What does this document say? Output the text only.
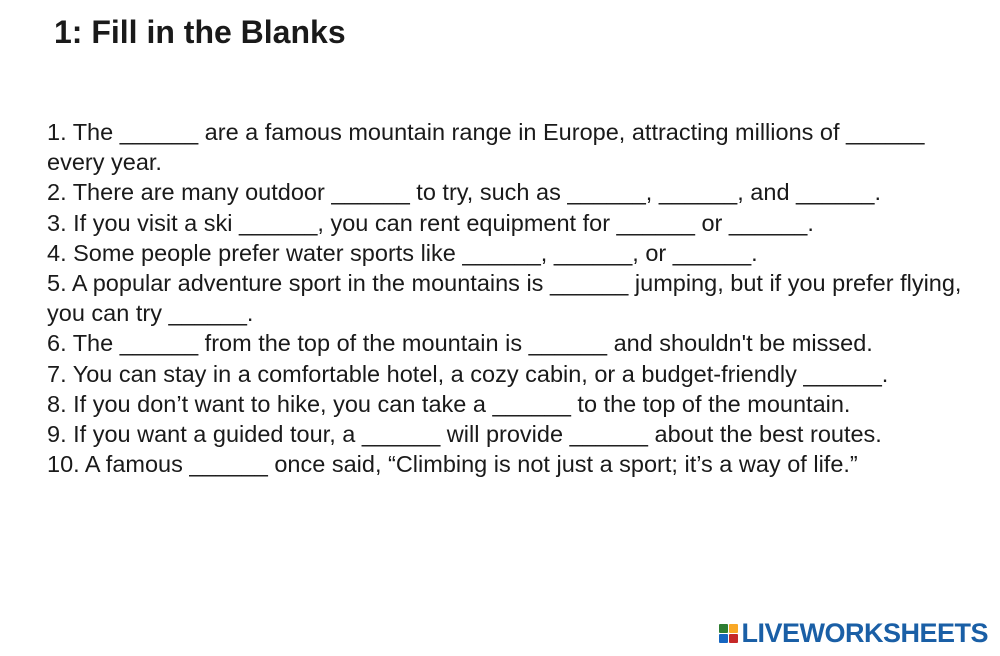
1: Fill in the Blanks
1. The ______ are a famous mountain range in Europe, attracting millions of ______ every year.
2. There are many outdoor ______ to try, such as ______, ______, and ______.
3. If you visit a ski ______, you can rent equipment for ______ or ______.
4. Some people prefer water sports like ______, ______, or ______.
5. A popular adventure sport in the mountains is ______ jumping, but if you prefer flying, you can try ______.
6. The ______ from the top of the mountain is ______ and shouldn't be missed.
7. You can stay in a comfortable hotel, a cozy cabin, or a budget-friendly ______.
8. If you don’t want to hike, you can take a ______ to the top of the mountain.
9. If you want a guided tour, a ______ will provide ______ about the best routes.
10. A famous ______ once said, “Climbing is not just a sport; it’s a way of life.”
LIVEWORKSHEETS
